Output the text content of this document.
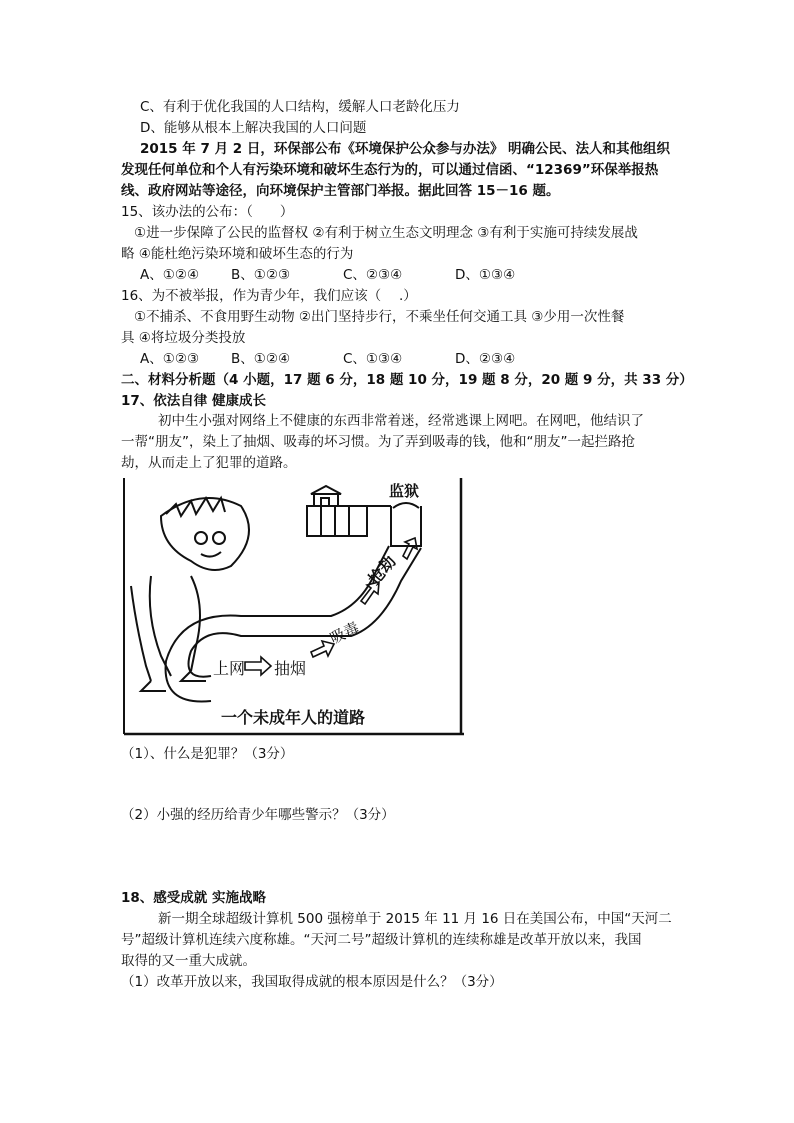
C、有利于优化我国的人口结构，缓解人口老龄化压力
D、能够从根本上解决我国的人口问题
2015 年 7 月 2 日，环保部公布《环境保护公众参与办法》 明确公民、法人和其他组织
发现任何单位和个人有污染环境和破坏生态行为的，可以通过信函、“12369”环保举报热
线、政府网站等途径，向环境保护主管部门举报。据此回答 15－16 题。
15、该办法的公布：（　　）
①进一步保障了公民的监督权 ②有利于树立生态文明理念 ③有利于实施可持续发展战
略 ④能杜绝污染环境和破坏生态的行为
A、①②④ B、①②③	C、②③④	D、①③④
16、为不被举报，作为青少年，我们应该（　 .）
①不捕杀、不食用野生动物 ②出门坚持步行，不乘坐任何交通工具 ③少用一次性餐
具 ④将垃圾分类投放
A、①②③ B、①②④	C、①③④	D、②③④
二、材料分析题（4 小题，17 题 6 分，18 题 10 分，19 题 8 分，20 题 9 分，共 33 分）
17、依法自律 健康成长
初中生小强对网络上不健康的东西非常着迷，经常逃课上网吧。在网吧，他结识了
一帮“朋友”，染上了抽烟、吸毒的坏习惯。为了弄到吸毒的钱，他和“朋友”一起拦路抢
劫，从而走上了犯罪的道路。
监狱
上网 抽烟
吸毒
抢劫
一个未成年人的道路
（1）、什么是犯罪？（3分）
（2）小强的经历给青少年哪些警示？（3分）
18、感受成就 实施战略
新一期全球超级计算机 500 强榜单于 2015 年 11 月 16 日在美国公布，中国“天河二
号”超级计算机连续六度称雄。“天河二号”超级计算机的连续称雄是改革开放以来，我国
取得的又一重大成就。
（1）改革开放以来，我国取得成就的根本原因是什么？（3分）
